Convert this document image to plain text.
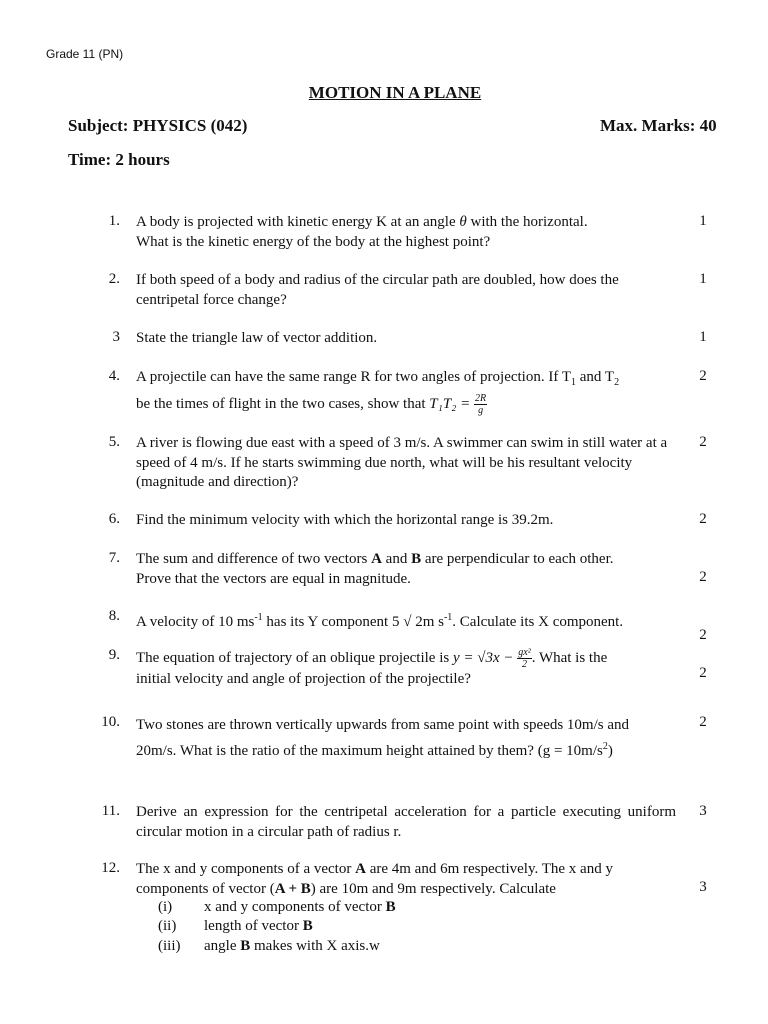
Grade 11 (PN)
MOTION IN A PLANE
Subject: PHYSICS (042)	Max. Marks: 40
Time: 2 hours
1. A body is projected with kinetic energy K at an angle θ with the horizontal.
What is the kinetic energy of the body at the highest point?
1
2. If both speed of a body and radius of the circular path are doubled, how does the centripetal force change?
1
3 State the triangle law of vector addition.	1
4. A projectile can have the same range R for two angles of projection. If $T_1$ and $T_2$
be the times of flight in the two cases, show that $T_1T_2 = \frac{2R}{g}$
2
5. A river is flowing due east with a speed of 3 m/s. A swimmer can swim in still water at a speed of 4 m/s. If he starts swimming due north, what will be his resultant velocity (magnitude and direction)?
2
6. Find the minimum velocity with which the horizontal range is 39.2m.	2
7. The sum and difference of two vectors A and B are perpendicular to each other.
Prove that the vectors are equal in magnitude.	2
8. A velocity of 10 $ms^{-1}$ has its Y component 5 √ 2m $s^{-1}$. Calculate its X component.
2
9. The equation of trajectory of an oblique projectile is $y = √3x - \frac{\text{gx²}}{2}$ . What is the
initial velocity and angle of projection of the projectile?	2
10. Two stones are thrown vertically upwards from same point with speeds 10m/s and 20m/s. What is the ratio of the maximum height attained by them? $(g = 10m/s^2)$
2
11. Derive an expression for the centripetal acceleration for a particle executing uniform circular motion in a circular path of radius r.
3
12. The x and y components of a vector A are 4m and 6m respectively. The x and y components of vector (A + B) are 10m and 9m respectively. Calculate	3
(i) x and y components of vector B
(ii) length of vector B
(iii) angle B makes with X axis.w
